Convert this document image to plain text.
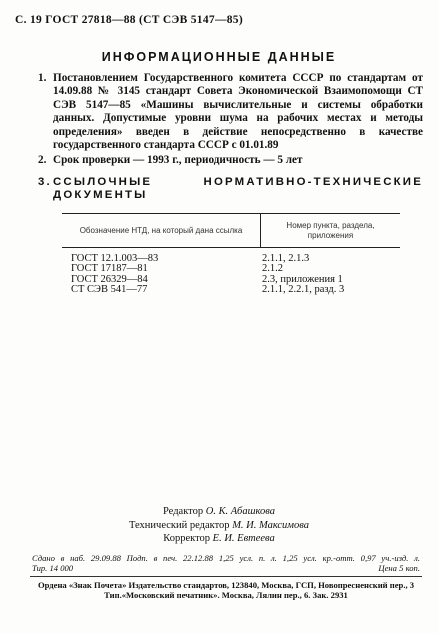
С. 19 ГОСТ 27818—88 (СТ СЭВ 5147—85)
ИНФОРМАЦИОННЫЕ ДАННЫЕ
1. Постановлением Государственного комитета СССР по стандартам от 14.09.88 № 3145 стандарт Совета Экономической Взаимопомощи СТ СЭВ 5147—85 «Машины вычислительные и системы обработки данных. Допустимые уровни шума на рабочих местах и методы определения» введен в действие непосредственно в качестве государственного стандарта СССР с 01.01.89
2. Срок проверки — 1993 г., периодичность — 5 лет
3. ССЫЛОЧНЫЕ НОРМАТИВНО-ТЕХНИЧЕСКИЕ ДОКУМЕНТЫ
Обозначение НТД, на который дана ссылка
Номер пункта, раздела, приложения
ГОСТ 12.1.003—83
ГОСТ 17187—81
ГОСТ 26329—84
СТ СЭВ 541—77
2.1.1, 2.1.3
2.1.2
2.3, приложения 1
2.1.1, 2.2.1, разд. 3
Редактор О. К. Абашкова
Технический редактор М. И. Максимова
Корректор Е. И. Евтеева
Сдано в наб. 29.09.88 Подп. в печ. 22.12.88 1,25 усл. п. л. 1,25 усл. кр.-отт. 0,97 уч.-изд. л.
Тир. 14 000	Цена 5 коп.
Ордена «Знак Почета» Издательство стандартов, 123840, Москва, ГСП, Новопресненский пер., 3
Тип.«Московский печатник». Москва, Лялин пер., 6. Зак. 2931
